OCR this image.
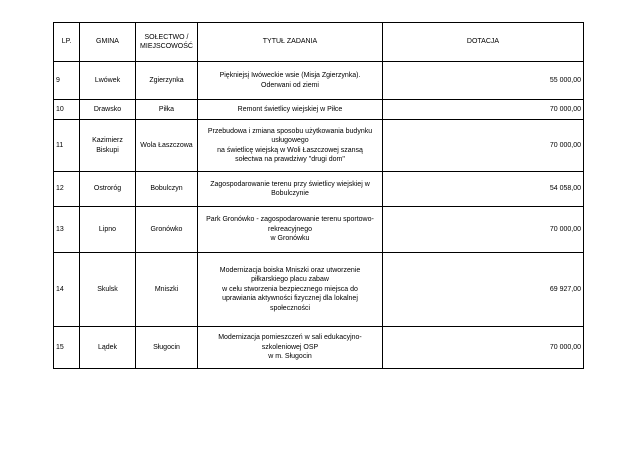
LP.	GMINA	SOŁECTWO /
MIEJSCOWOŚĆ	TYTUŁ ZADANIA	DOTACJA
9	Lwówek	Zgierzynka	Piękniejsį Iwóweckie wsie (Misja Zgierzynka).
Oderwani od ziemi	55 000,00
10	Drawsko	Piłka	Remont świetlicy wiejskiej w Piłce	70 000,00
11	Kazimierz
Biskupi	Wola Łaszczowa	Przebudowa i zmiana sposobu użytkowania budynku
usługowego
na świetlicę wiejską w Woli Łaszczowej szansą
sołectwa na prawdziwy "drugi dom"	70 000,00
12	Ostroróg	Bobulczyn	Zagospodarowanie terenu przy świetlicy wiejskiej w
Bobulczynie	54 058,00
13	Lipno	Gronówko	Park Gronówko - zagospodarowanie terenu sportowo-
rekreacyjnego
w Gronówku	70 000,00
14	Skulsk	Mniszki	Modernizacja boiska Mniszki oraz utworzenie
piłkarskiego placu zabaw
w celu stworzenia bezpiecznego miejsca do
uprawiania aktywności fizycznej dla lokalnej
społeczności	69 927,00
15	Lądek	Sługocin	Modernizacja pomieszczeń w sali edukacyjno-
szkoleniowej OSP
w m. Sługocin	70 000,00
